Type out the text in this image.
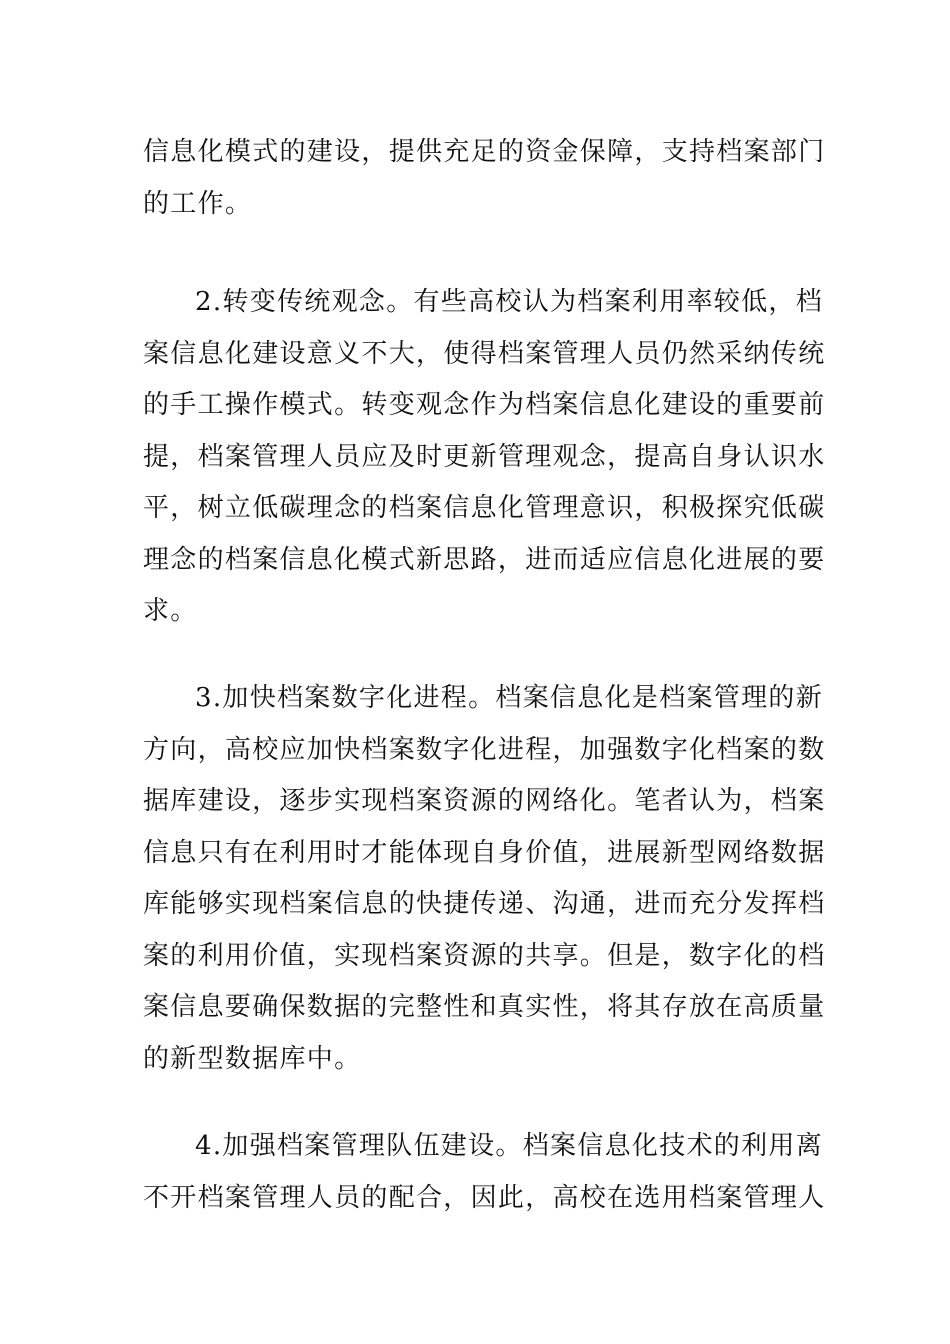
信息化模式的建设，提供充足的资金保障，支持档案部门
的工作。

2.转变传统观念。有些高校认为档案利用率较低，档
案信息化建设意义不大，使得档案管理人员仍然采纳传统
的手工操作模式。转变观念作为档案信息化建设的重要前
提，档案管理人员应及时更新管理观念，提高自身认识水
平，树立低碳理念的档案信息化管理意识，积极探究低碳
理念的档案信息化模式新思路，进而适应信息化进展的要
求。

3.加快档案数字化进程。档案信息化是档案管理的新
方向，高校应加快档案数字化进程，加强数字化档案的数
据库建设，逐步实现档案资源的网络化。笔者认为，档案
信息只有在利用时才能体现自身价值，进展新型网络数据
库能够实现档案信息的快捷传递、沟通，进而充分发挥档
案的利用价值，实现档案资源的共享。但是，数字化的档
案信息要确保数据的完整性和真实性，将其存放在高质量
的新型数据库中。

4.加强档案管理队伍建设。档案信息化技术的利用离
不开档案管理人员的配合，因此，高校在选用档案管理人
